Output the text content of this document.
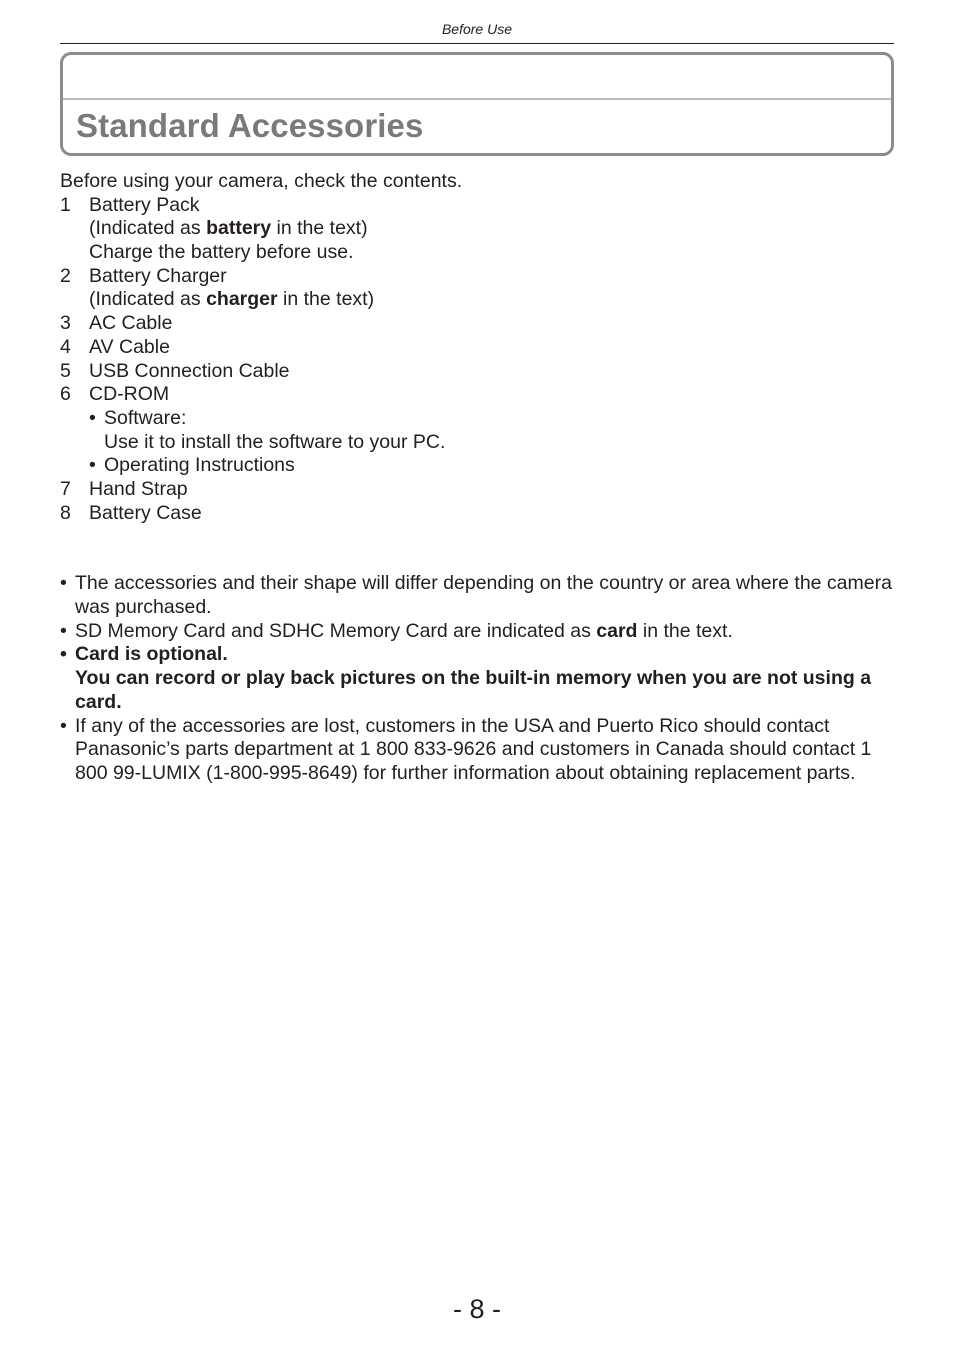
Before Use
Standard Accessories
Before using your camera, check the contents.
1 Battery Pack
(Indicated as battery in the text)
Charge the battery before use.
2 Battery Charger
(Indicated as charger in the text)
3 AC Cable
4 AV Cable
5 USB Connection Cable
6 CD-ROM
• Software:
Use it to install the software to your PC.
• Operating Instructions
7 Hand Strap
8 Battery Case
• The accessories and their shape will differ depending on the country or area where the camera was purchased.
• SD Memory Card and SDHC Memory Card are indicated as card in the text.
• Card is optional.
You can record or play back pictures on the built-in memory when you are not using a card.
• If any of the accessories are lost, customers in the USA and Puerto Rico should contact Panasonic’s parts department at 1 800 833-9626 and customers in Canada should contact 1 800 99-LUMIX (1-800-995-8649) for further information about obtaining replacement parts.
- 8 -
